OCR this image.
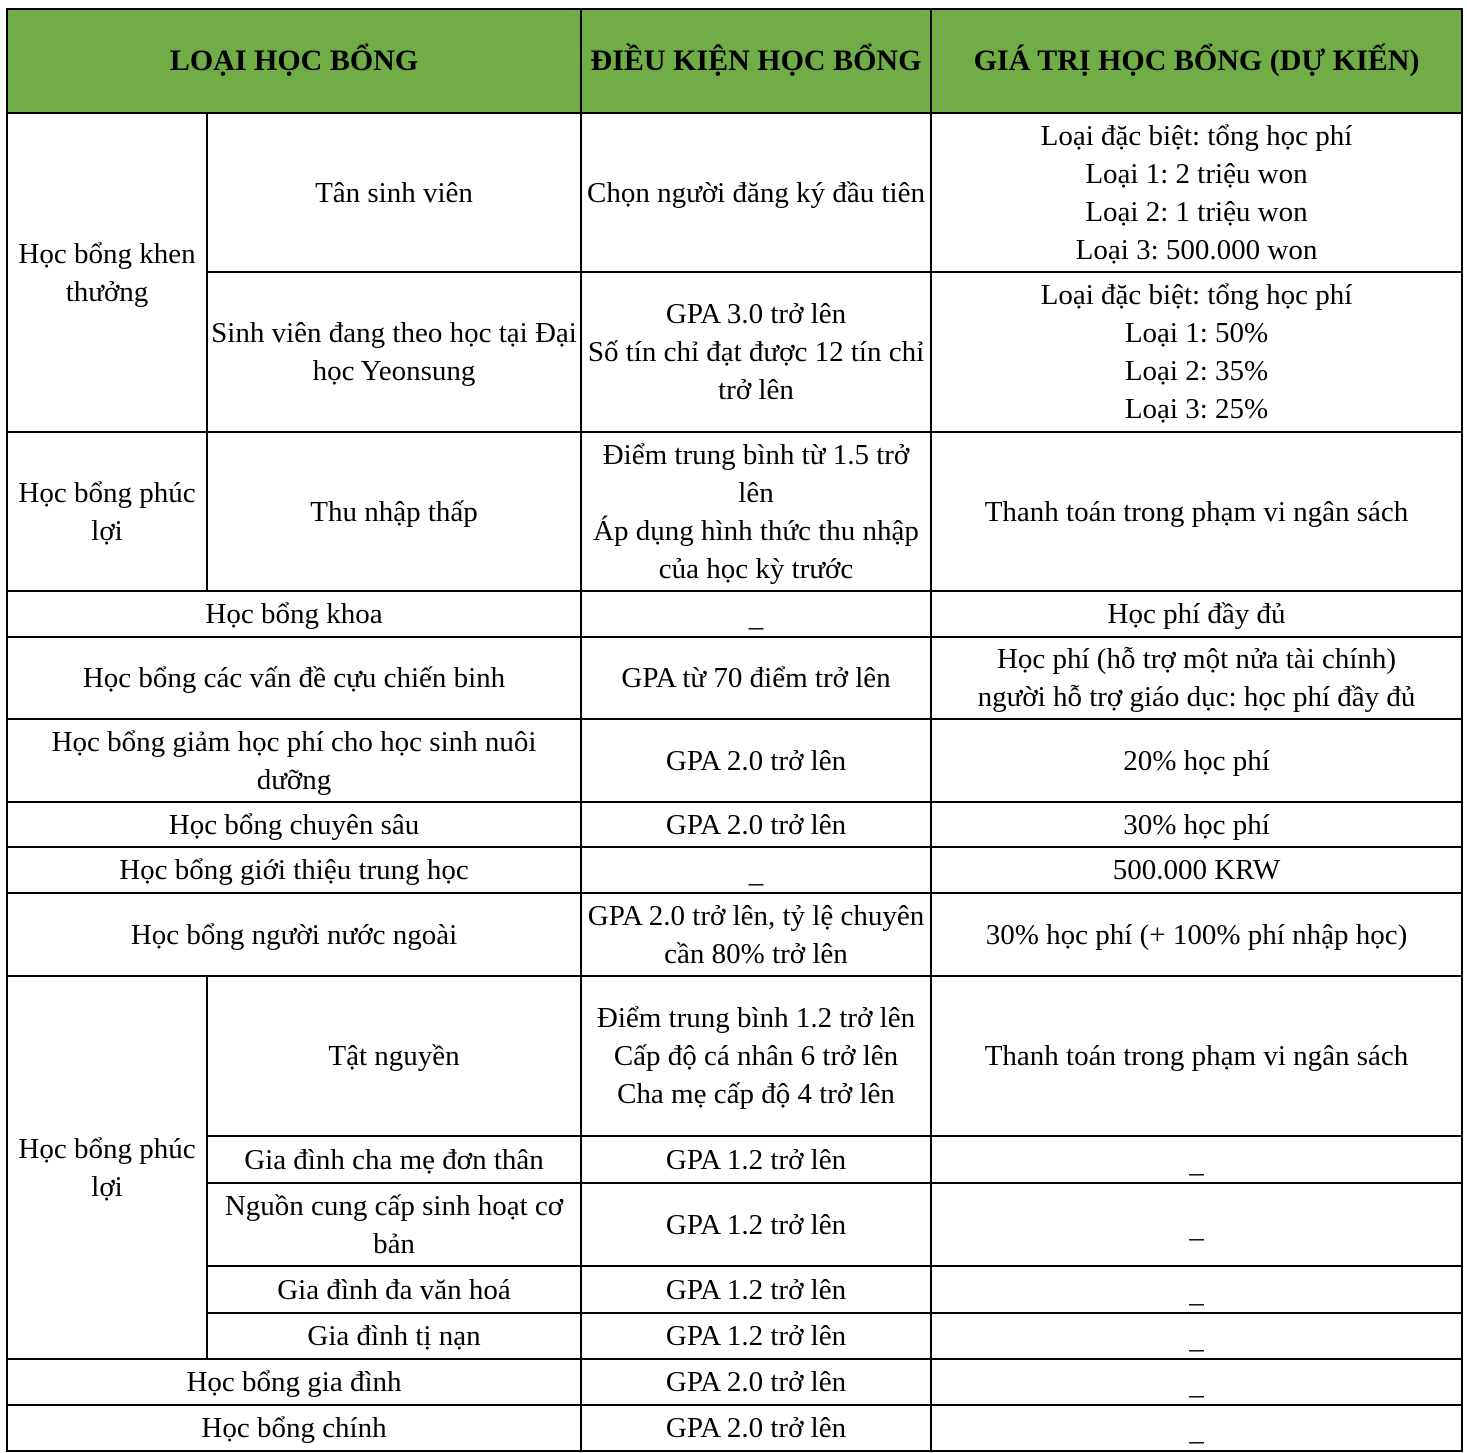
LOẠI HỌC BỔNG		ĐIỀU KIỆN HỌC BỔNG	GIÁ TRỊ HỌC BỔNG (DỰ KIẾN)
Học bổng khen thưởng	Tân sinh viên	Chọn người đăng ký đầu tiên	Loại đặc biệt: tổng học phí
Loại 1: 2 triệu won
Loại 2: 1 triệu won
Loại 3: 500.000 won
	Sinh viên đang theo học tại Đại học Yeonsung	GPA 3.0 trở lên
Số tín chỉ đạt được 12 tín chỉ trở lên	Loại đặc biệt: tổng học phí
Loại 1: 50%
Loại 2: 35%
Loại 3: 25%
Học bổng phúc lợi	Thu nhập thấp	Điểm trung bình từ 1.5 trở lên
Áp dụng hình thức thu nhập của học kỳ trước	Thanh toán trong phạm vi ngân sách
Học bổng khoa		_	Học phí đầy đủ
Học bổng các vấn đề cựu chiến binh		GPA từ 70 điểm trở lên	Học phí (hỗ trợ một nửa tài chính)
người hỗ trợ giáo dục: học phí đầy đủ
Học bổng giảm học phí cho học sinh nuôi dưỡng		GPA 2.0 trở lên	20% học phí
Học bổng chuyên sâu		GPA 2.0 trở lên	30% học phí
Học bổng giới thiệu trung học		_	500.000 KRW
Học bổng người nước ngoài		GPA 2.0 trở lên, tỷ lệ chuyên cần 80% trở lên	30% học phí (+ 100% phí nhập học)
Học bổng phúc lợi	Tật nguyền	Điểm trung bình 1.2 trở lên
Cấp độ cá nhân 6 trở lên
Cha mẹ cấp độ 4 trở lên	Thanh toán trong phạm vi ngân sách
	Gia đình cha mẹ đơn thân	GPA 1.2 trở lên	_
	Nguồn cung cấp sinh hoạt cơ bản	GPA 1.2 trở lên	_
	Gia đình đa văn hoá	GPA 1.2 trở lên	_
	Gia đình tị nạn	GPA 1.2 trở lên	_
Học bổng gia đình		GPA 2.0 trở lên	_
Học bổng chính		GPA 2.0 trở lên	_
